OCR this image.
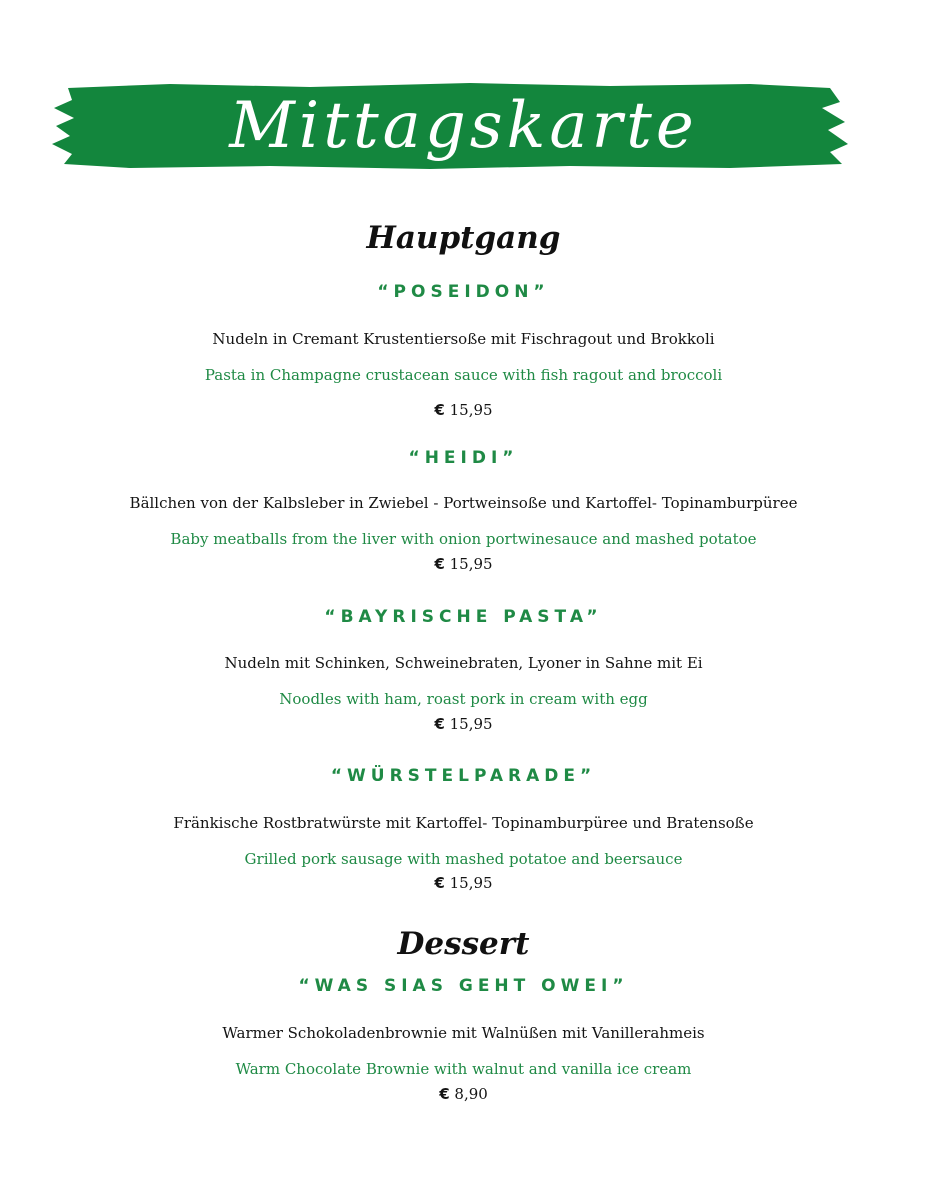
Mittagskarte
Hauptgang
“POSEIDON”
Nudeln in Cremant Krustentiersoße mit Fischragout und Brokkoli
Pasta in Champagne crustacean sauce with fish ragout and broccoli
€ 15,95
“HEIDI”
Bällchen von der Kalbsleber in Zwiebel - Portweinsoße und Kartoffel- Topinamburpüree
Baby meatballs from the liver with onion portwinesauce and mashed potatoe
€ 15,95
“BAYRISCHE PASTA”
Nudeln mit Schinken, Schweinebraten, Lyoner in Sahne mit Ei
Noodles with ham, roast pork in cream with egg
€ 15,95
“WÜRSTELPARADE”
Fränkische Rostbratwürste mit Kartoffel- Topinamburpüree und Bratensoße
Grilled pork sausage with mashed potatoe and beersauce
€ 15,95
Dessert
“WAS SIAS GEHT OWEI”
Warmer Schokoladenbrownie mit Walnüßen mit Vanillerahmeis
Warm Chocolate Brownie with walnut and vanilla ice cream
€ 8,90
